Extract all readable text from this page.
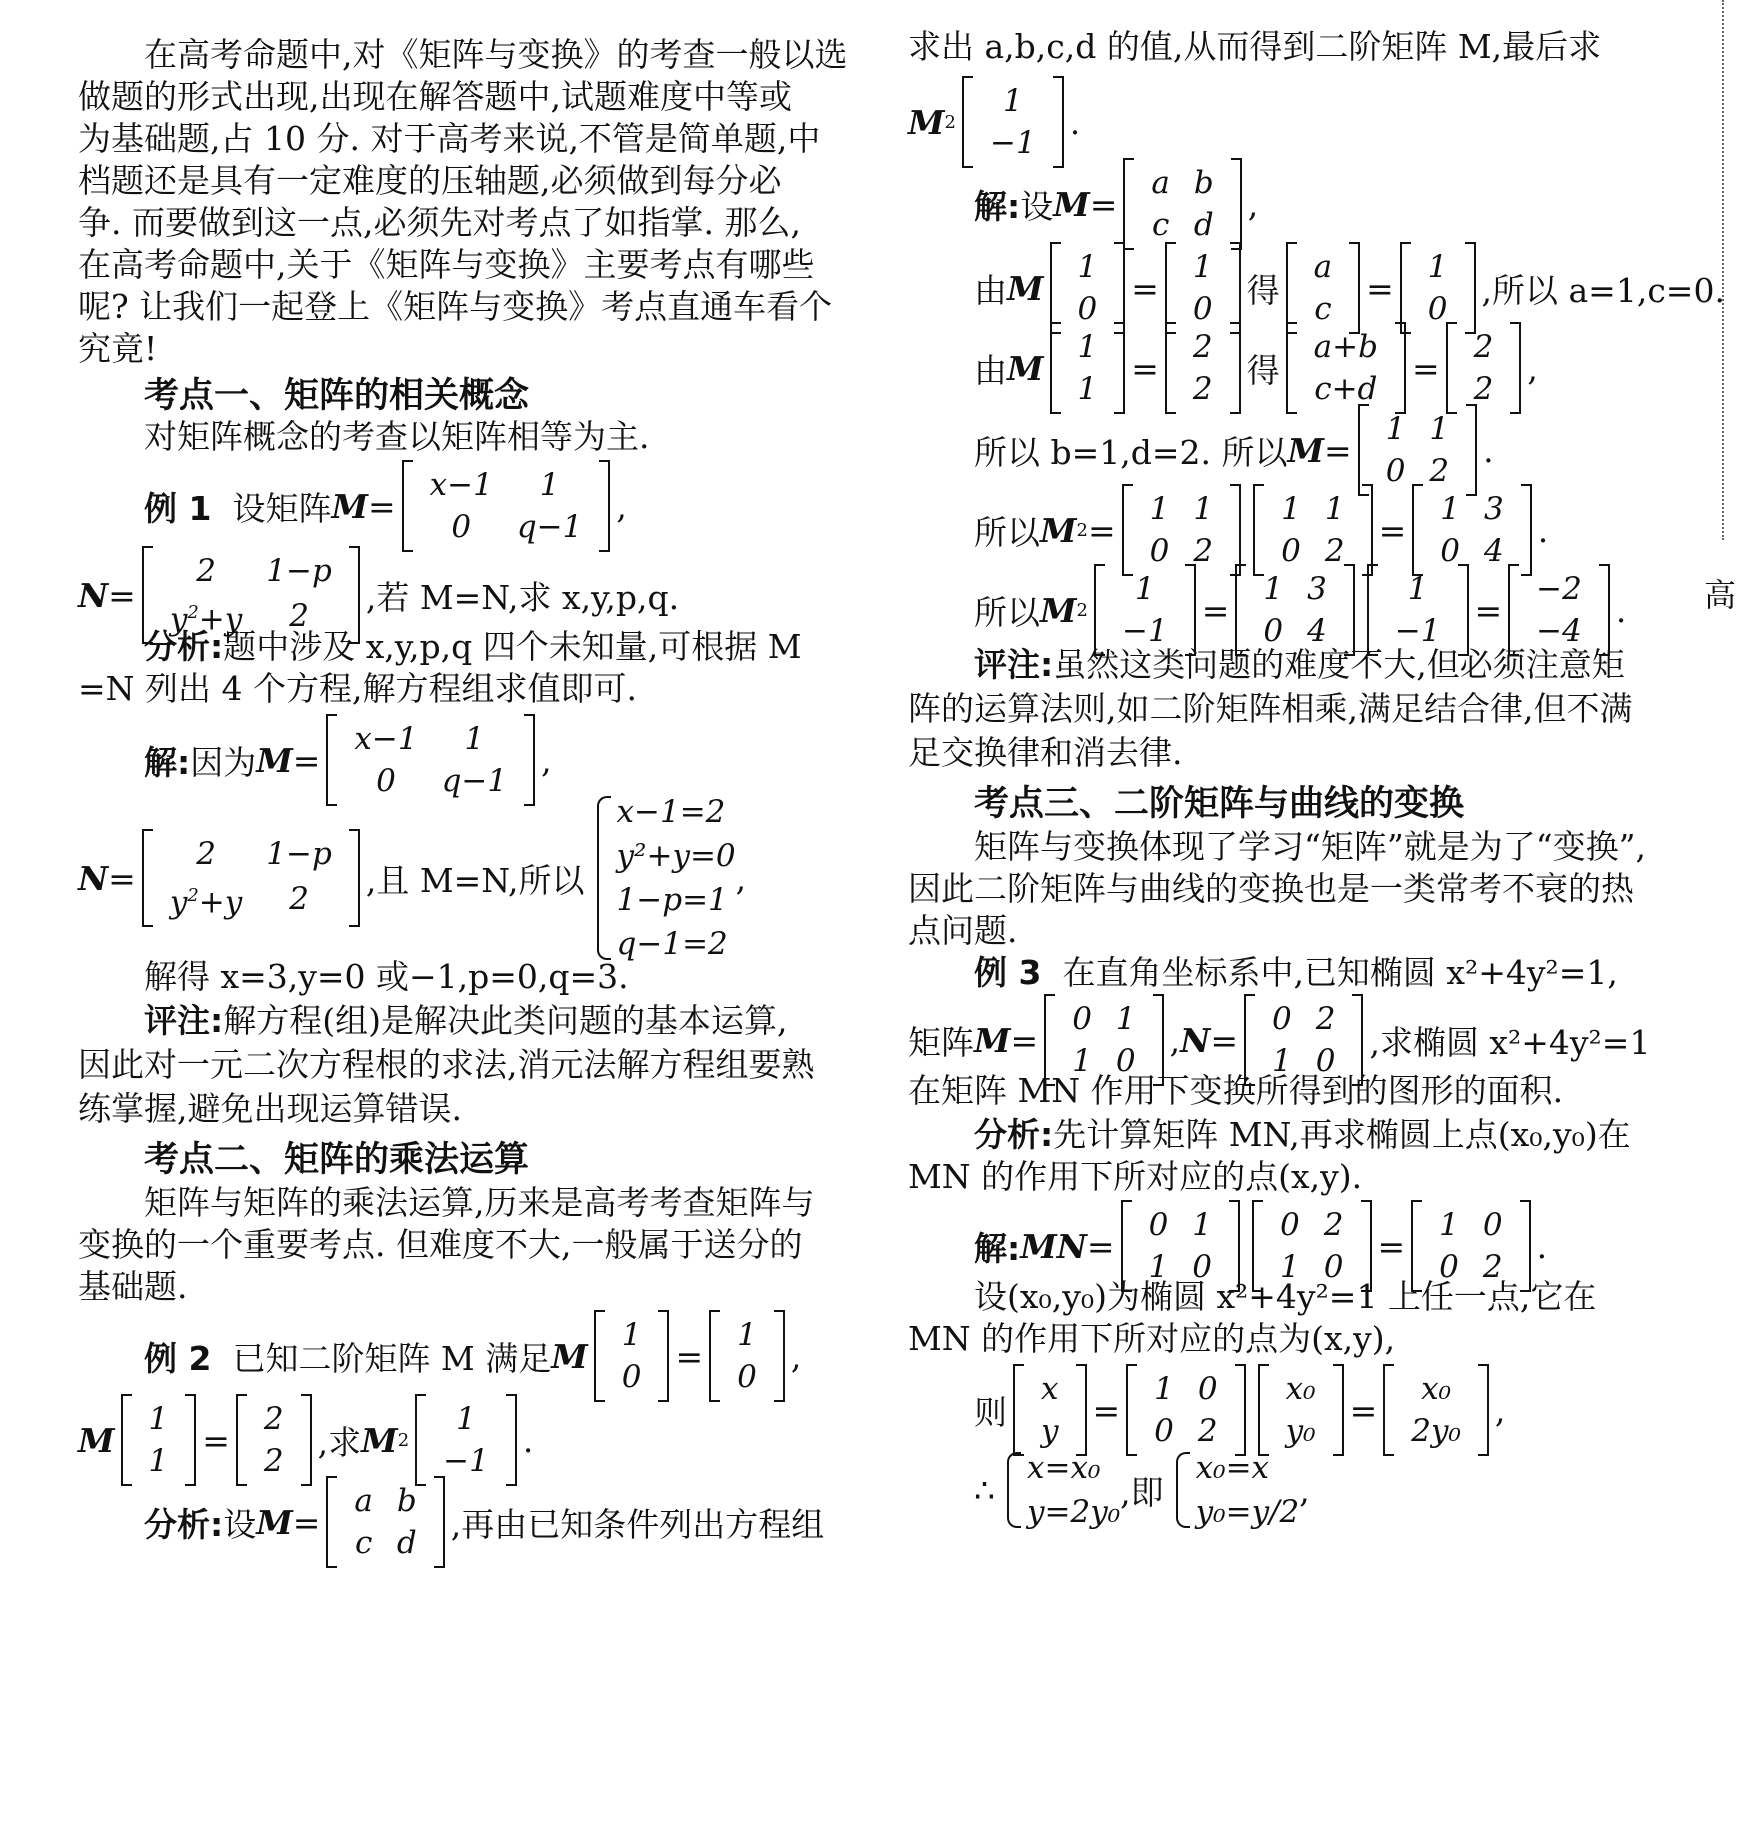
高
在高考命题中,对《矩阵与变换》的考查一般以选
做题的形式出现,出现在解答题中,试题难度中等或
为基础题,占 10 分. 对于高考来说,不管是简单题,中
档题还是具有一定难度的压轴题,必须做到每分必
争. 而要做到这一点,必须先对考点了如指掌. 那么,
在高考命题中,关于《矩阵与变换》主要考点有哪些
呢? 让我们一起登上《矩阵与变换》考点直通车看个
究竟!
考点一、矩阵的相关概念
对矩阵概念的考查以矩阵相等为主.
例 1
设矩阵 M =
x−1	1
0	q−1
,
N =
2	1−p
$y^2+y$	2 ,若 M=N,求 x,y,p,q.
分析:题中涉及 x,y,p,q 四个未知量,可根据 M
=N 列出 4 个方程,解方程组求值即可.
解: 因为 M =
x−1	1
0	q−1
,
N =
2	1−p
$y^2+y$	2 ,且 M=N,所以
x−1=2
y²+y=0
1−p=1
q−1=2
,
解得 x=3,y=0 或−1,p=0,q=3.
评注:解方程(组)是解决此类问题的基本运算,
因此对一元二次方程根的求法,消元法解方程组要熟
练掌握,避免出现运算错误.
考点二、矩阵的乘法运算
矩阵与矩阵的乘法运算,历来是高考考查矩阵与
变换的一个重要考点. 但难度不大,一般属于送分的
基础题.
例 2
已知二阶矩阵 M 满足 M
1
0
=
1
0
,
M
1
1
=
2
2 ,求 M 2
1
−1
.
分析: 设 M =
a	b
c	d ,再由已知条件列出方程组
求出 a,b,c,d 的值,从而得到二阶矩阵 M,最后求
M 2
1
−1
.
解: 设 M =
a	b
c	d
,
由 M
1
0
=
1
0 得
a
c
=
1
0 ,所以 a=1,c=0.
由 M
1
1
=
2
2 得
a+b
c+d
=
2
2
,
所以 b=1,d=2. 所以 M =
1	1
0	2
.
所以 M 2 =
1	1
0	2
1	1
0	2
=
1	3
0	4
.
所以 M 2
1
−1
=
1	3
0	4
1
−1
=
−2
−4
.
评注:虽然这类问题的难度不大,但必须注意矩
阵的运算法则,如二阶矩阵相乘,满足结合律,但不满
足交换律和消去律.
考点三、二阶矩阵与曲线的变换
矩阵与变换体现了学习“矩阵”就是为了“变换”,
因此二阶矩阵与曲线的变换也是一类常考不衰的热
点问题.
例 3 在直角坐标系中,已知椭圆 x²+4y²=1,
矩阵 M =
0	1
1	0
, N =
0	2
1	0 ,求椭圆 x²+4y²=1
在矩阵 MN 作用下变换所得到的图形的面积.
分析:先计算矩阵 MN,再求椭圆上点(x₀,y₀)在
MN 的作用下所对应的点(x,y).
解: MN =
0	1
1	0
0	2
1	0
=
1	0
0	2
.
设(x₀,y₀)为椭圆 x²+4y²=1 上任一点,它在
MN 的作用下所对应的点为(x,y),
则
x
y
=
1	0
0	2
x₀
y₀
=
x₀
2y₀
,
∴
x=x₀
y=2y₀
,即
x₀=x
y₀=y/2
,
